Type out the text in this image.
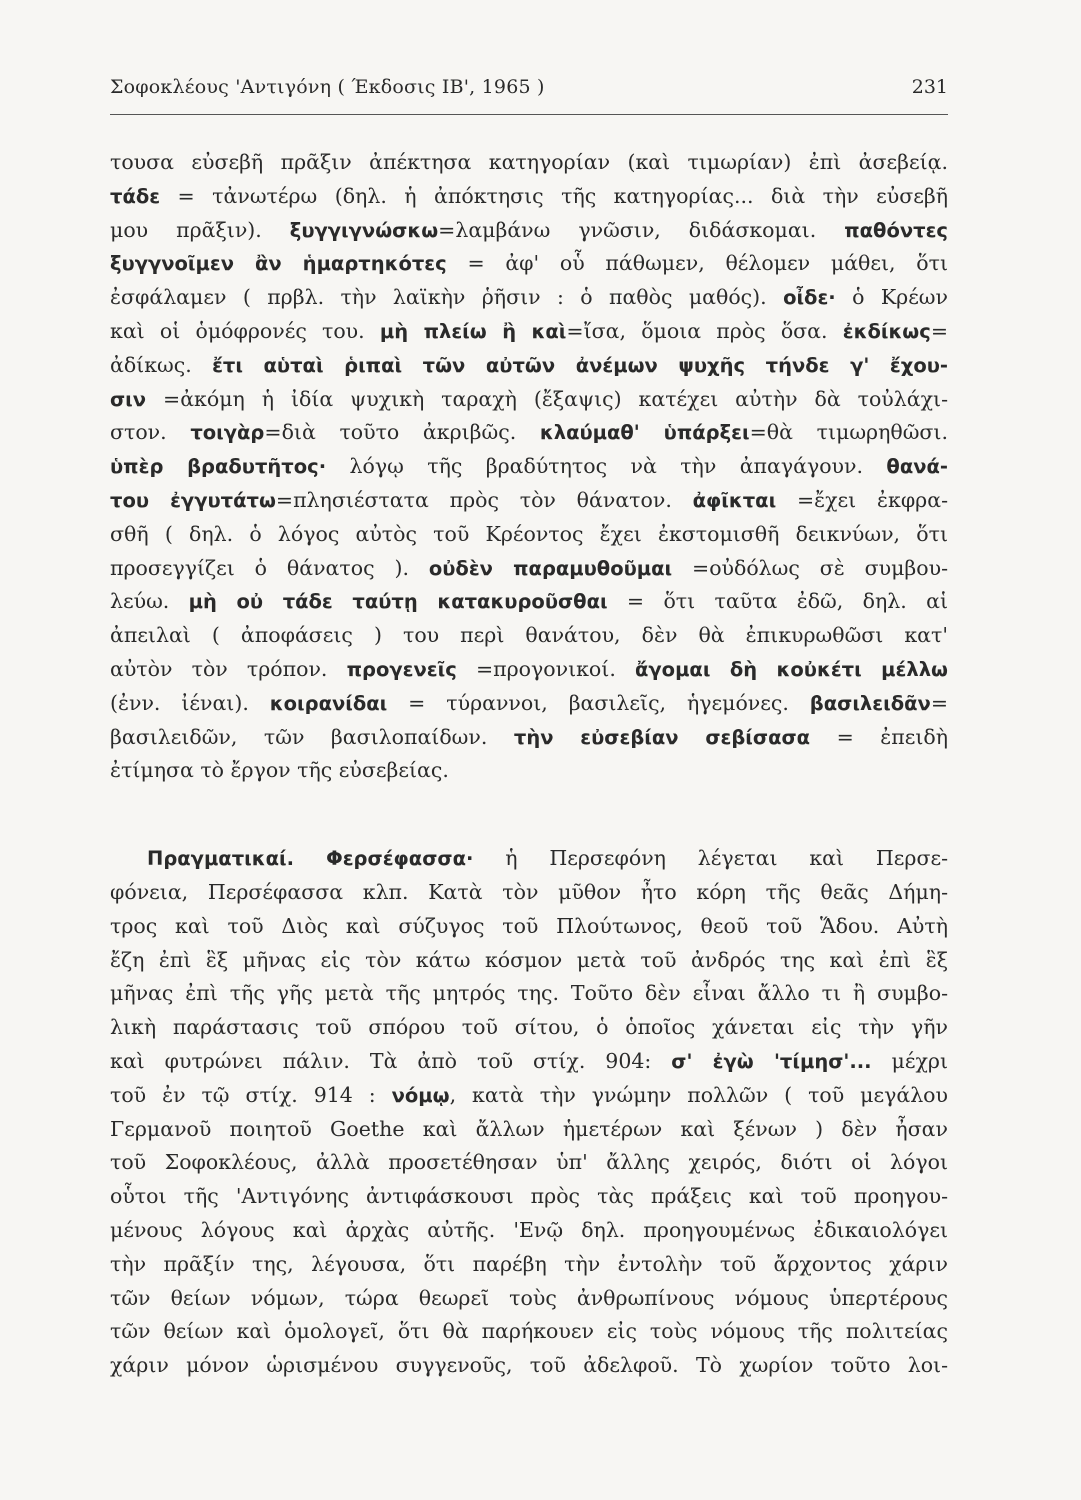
Σοφοκλέους 'Αντιγόνη ( Έκδοσις ΙΒ', 1965 )	231
τουσα εὐσεβῆ πρᾶξιν ἀπέκτησα κατηγορίαν (καὶ τιμωρίαν) ἐπὶ ἀσεβείᾳ.
τάδε = τἀνωτέρω (δηλ. ἡ ἀπόκτησις τῆς κατηγορίας... διὰ τὴν εὐσεβῆ
μου πρᾶξιν). ξυγγιγνώσκω=λαμβάνω γνῶσιν, διδάσκομαι. παθόντες
ξυγγνοῖμεν ἂν ἡμαρτηκότες = ἀφ' οὗ πάθωμεν, θέλομεν μάθει, ὅτι
ἐσφάλαμεν ( πρβλ. τὴν λαϊκὴν ῥῆσιν : ὁ παθὸς μαθός). οἶδε· ὁ Κρέων
καὶ οἱ ὁμόφρονές του. μὴ πλείω ἢ καὶ=ἴσα, ὅμοια πρὸς ὅσα. ἐκδίκως=
ἀδίκως. ἔτι αὑταὶ ῥιπαὶ τῶν αὐτῶν ἀνέμων ψυχῆς τήνδε γ' ἔχου-
σιν =ἀκόμη ἡ ἰδία ψυχικὴ ταραχὴ (ἔξαψις) κατέχει αὐτὴν δὰ τοὐλάχι-
στον. τοιγὰρ=διὰ τοῦτο ἀκριβῶς. κλαύμαθ' ὑπάρξει=θὰ τιμωρηθῶσι.
ὑπὲρ βραδυτῆτος· λόγῳ τῆς βραδύτητος νὰ τὴν ἀπαγάγουν. θανά-
του ἐγγυτάτω=πλησιέστατα πρὸς τὸν θάνατον. ἀφῖκται =ἔχει ἐκφρα-
σθῆ ( δηλ. ὁ λόγος αὐτὸς τοῦ Κρέοντος ἔχει ἐκστομισθῆ δεικνύων, ὅτι
προσεγγίζει ὁ θάνατος ). οὐδὲν παραμυθοῦμαι =οὐδόλως σὲ συμβου-
λεύω. μὴ οὐ τάδε ταύτῃ κατακυροῦσθαι = ὅτι ταῦτα ἐδῶ, δηλ. αἱ
ἀπειλαὶ ( ἀποφάσεις ) του περὶ θανάτου, δὲν θὰ ἐπικυρωθῶσι κατ'
αὐτὸν τὸν τρόπον. προγενεῖς =προγονικοί. ἄγομαι δὴ κοὐκέτι μέλλω
(ἐνν. ἰέναι). κοιρανίδαι = τύραννοι, βασιλεῖς, ἡγεμόνες. βασιλειδᾶν=
βασιλειδῶν, τῶν βασιλοπαίδων. τὴν εὐσεβίαν σεβίσασα = ἐπειδὴ
ἐτίμησα τὸ ἔργον τῆς εὐσεβείας.
Πραγματικαί. Φερσέφασσα· ἡ Περσεφόνη λέγεται καὶ Περσε-
φόνεια, Περσέφασσα κλπ. Κατὰ τὸν μῦθον ἦτο κόρη τῆς θεᾶς Δήμη-
τρος καὶ τοῦ Διὸς καὶ σύζυγος τοῦ Πλούτωνος, θεοῦ τοῦ Ἅδου. Αὐτὴ
ἔζη ἐπὶ ἓξ μῆνας εἰς τὸν κάτω κόσμον μετὰ τοῦ ἀνδρός της καὶ ἐπὶ ἓξ
μῆνας ἐπὶ τῆς γῆς μετὰ τῆς μητρός της. Τοῦτο δὲν εἶναι ἄλλο τι ἢ συμβο-
λικὴ παράστασις τοῦ σπόρου τοῦ σίτου, ὁ ὁποῖος χάνεται εἰς τὴν γῆν
καὶ φυτρώνει πάλιν. Τὰ ἀπὸ τοῦ στίχ. 904: σ' ἐγὼ 'τίμησ'... μέχρι
τοῦ ἐν τῷ στίχ. 914 : νόμῳ, κατὰ τὴν γνώμην πολλῶν ( τοῦ μεγάλου
Γερμανοῦ ποιητοῦ Goethe καὶ ἄλλων ἡμετέρων καὶ ξένων ) δὲν ἦσαν
τοῦ Σοφοκλέους, ἀλλὰ προσετέθησαν ὑπ' ἄλλης χειρός, διότι οἱ λόγοι
οὗτοι τῆς 'Αντιγόνης ἀντιφάσκουσι πρὸς τὰς πράξεις καὶ τοῦ προηγου-
μένους λόγους καὶ ἀρχὰς αὐτῆς. 'Ενῷ δηλ. προηγουμένως ἐδικαιολόγει
τὴν πρᾶξίν της, λέγουσα, ὅτι παρέβη τὴν ἐντολὴν τοῦ ἄρχοντος χάριν
τῶν θείων νόμων, τώρα θεωρεῖ τοὺς ἀνθρωπίνους νόμους ὑπερτέρους
τῶν θείων καὶ ὁμολογεῖ, ὅτι θὰ παρήκουεν εἰς τοὺς νόμους τῆς πολιτείας
χάριν μόνον ὡρισμένου συγγενοῦς, τοῦ ἀδελφοῦ. Τὸ χωρίον τοῦτο λοι-
